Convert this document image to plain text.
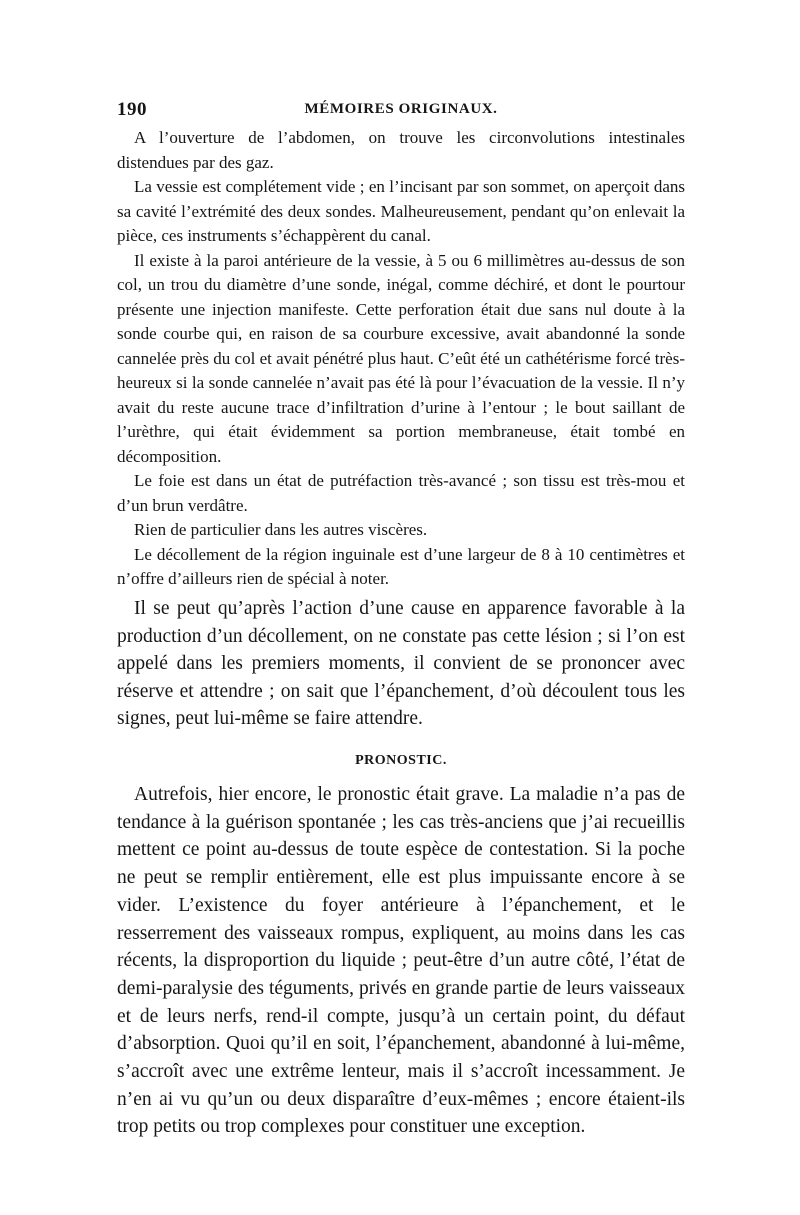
190	MÉMOIRES ORIGINAUX.

A l’ouverture de l’abdomen, on trouve les circonvolutions intestinales distendues par des gaz.

La vessie est complétement vide ; en l’incisant par son sommet, on aperçoit dans sa cavité l’extrémité des deux sondes. Malheureusement, pendant qu’on enlevait la pièce, ces instruments s’échappèrent du canal.

Il existe à la paroi antérieure de la vessie, à 5 ou 6 millimètres au-dessus de son col, un trou du diamètre d’une sonde, inégal, comme déchiré, et dont le pourtour présente une injection manifeste. Cette perforation était due sans nul doute à la sonde courbe qui, en raison de sa courbure excessive, avait abandonné la sonde cannelée près du col et avait pénétré plus haut. C’eût été un cathétérisme forcé très-heureux si la sonde cannelée n’avait pas été là pour l’évacuation de la vessie. Il n’y avait du reste aucune trace d’infiltration d’urine à l’entour ; le bout saillant de l’urèthre, qui était évidemment sa portion membraneuse, était tombé en décomposition.

Le foie est dans un état de putréfaction très-avancé ; son tissu est très-mou et d’un brun verdâtre.

Rien de particulier dans les autres viscères.

Le décollement de la région inguinale est d’une largeur de 8 à 10 centimètres et n’offre d’ailleurs rien de spécial à noter.

Il se peut qu’après l’action d’une cause en apparence favorable à la production d’un décollement, on ne constate pas cette lésion ; si l’on est appelé dans les premiers moments, il convient de se prononcer avec réserve et attendre ; on sait que l’épanchement, d’où découlent tous les signes, peut lui-même se faire attendre.

PRONOSTIC.

Autrefois, hier encore, le pronostic était grave. La maladie n’a pas de tendance à la guérison spontanée ; les cas très-anciens que j’ai recueillis mettent ce point au-dessus de toute espèce de contestation. Si la poche ne peut se remplir entièrement, elle est plus impuissante encore à se vider. L’existence du foyer antérieure à l’épanchement, et le resserrement des vaisseaux rompus, expliquent, au moins dans les cas récents, la disproportion du liquide ; peut-être d’un autre côté, l’état de demi-paralysie des téguments, privés en grande partie de leurs vaisseaux et de leurs nerfs, rend-il compte, jusqu’à un certain point, du défaut d’absorption. Quoi qu’il en soit, l’épanchement, abandonné à lui-même, s’accroît avec une extrême lenteur, mais il s’accroît incessamment. Je n’en ai vu qu’un ou deux disparaître d’eux-mêmes ; encore étaient-ils trop petits ou trop complexes pour constituer une exception.
